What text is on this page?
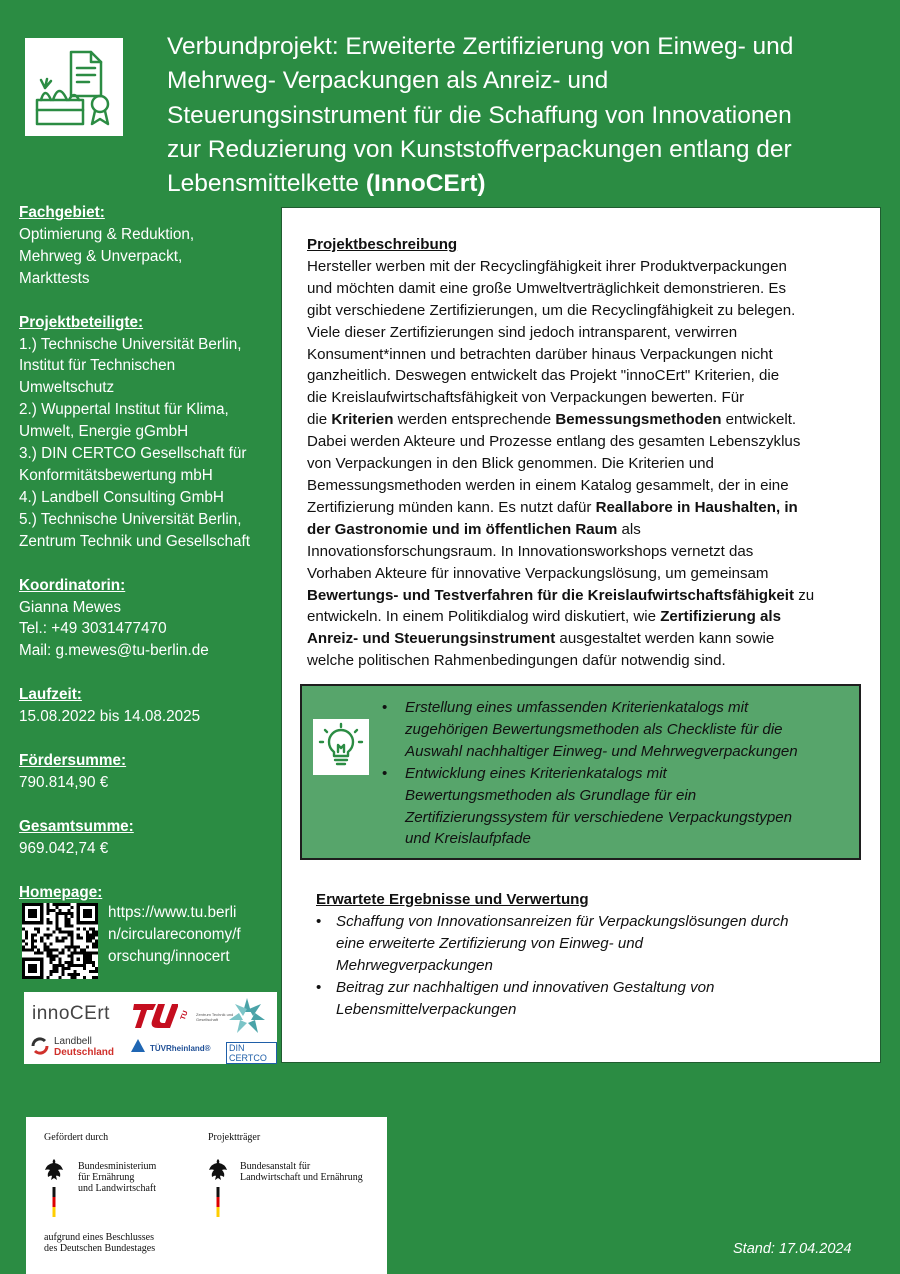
Verbundprojekt: Erweiterte Zertifizierung von Einweg- und
Mehrweg- Verpackungen als Anreiz- und
Steuerungsinstrument für die Schaffung von Innovationen
zur Reduzierung von Kunststoffverpackungen entlang der
Lebensmittelkette (InnoCErt)
Fachgebiet:
Optimierung & Reduktion,
Mehrweg & Unverpackt,
Markttests
Projektbeteiligte:
1.) Technische Universität Berlin,
Institut für Technischen
Umweltschutz
2.) Wuppertal Institut für Klima,
Umwelt, Energie gGmbH
3.) DIN CERTCO Gesellschaft für
Konformitätsbewertung mbH
4.) Landbell Consulting GmbH
5.) Technische Universität Berlin,
Zentrum Technik und Gesellschaft
Koordinatorin:
Gianna Mewes
Tel.: +49 3031477470
Mail: g.mewes@tu-berlin.de
Laufzeit:
15.08.2022 bis 14.08.2025
Fördersumme:
790.814,90 €
Gesamtsumme:
969.042,74 €
Homepage:
https://www.tu.berli
n/circulareconomy/f
orschung/innocert
innoCErt	TU Zentrum Technik und Gesellschaft
Landbell
Deutschland	TÜVRheinland®	DIN CERTCO
Projektbeschreibung
Hersteller werben mit der Recyclingfähigkeit ihrer Produktverpackungen
und möchten damit eine große Umweltverträglichkeit demonstrieren. Es
gibt verschiedene Zertifizierungen, um die Recyclingfähigkeit zu belegen.
Viele dieser Zertifizierungen sind jedoch intransparent, verwirren
Konsument*innen und betrachten darüber hinaus Verpackungen nicht
ganzheitlich. Deswegen entwickelt das Projekt "innoCErt" Kriterien, die
die Kreislaufwirtschaftsfähigkeit von Verpackungen bewerten. Für
die Kriterien werden entsprechende Bemessungsmethoden entwickelt.
Dabei werden Akteure und Prozesse entlang des gesamten Lebenszyklus
von Verpackungen in den Blick genommen. Die Kriterien und
Bemessungsmethoden werden in einem Katalog gesammelt, der in eine
Zertifizierung münden kann. Es nutzt dafür Reallabore in Haushalten, in
der Gastronomie und im öffentlichen Raum als
Innovationsforschungsraum. In Innovationsworkshops vernetzt das
Vorhaben Akteure für innovative Verpackungslösung, um gemeinsam
Bewertungs- und Testverfahren für die Kreislaufwirtschaftsfähigkeit zu
entwickeln. In einem Politikdialog wird diskutiert, wie Zertifizierung als
Anreiz- und Steuerungsinstrument ausgestaltet werden kann sowie
welche politischen Rahmenbedingungen dafür notwendig sind.
• Erstellung eines umfassenden Kriterienkatalogs mit
zugehörigen Bewertungsmethoden als Checkliste für die
Auswahl nachhaltiger Einweg- und Mehrwegverpackungen
• Entwicklung eines Kriterienkatalogs mit
Bewertungsmethoden als Grundlage für ein
Zertifizierungssystem für verschiedene Verpackungstypen
und Kreislaufpfade
Erwartete Ergebnisse und Verwertung
• Schaffung von Innovationsanreizen für Verpackungslösungen durch
eine erweiterte Zertifizierung von Einweg- und
Mehrwegverpackungen
• Beitrag zur nachhaltigen und innovativen Gestaltung von
Lebensmittelverpackungen
Gefördert durch
Bundesministerium
für Ernährung
und Landwirtschaft
Projektträger
Bundesanstalt für
Landwirtschaft und Ernährung
aufgrund eines Beschlusses
des Deutschen Bundestages	Stand: 17.04.2024
